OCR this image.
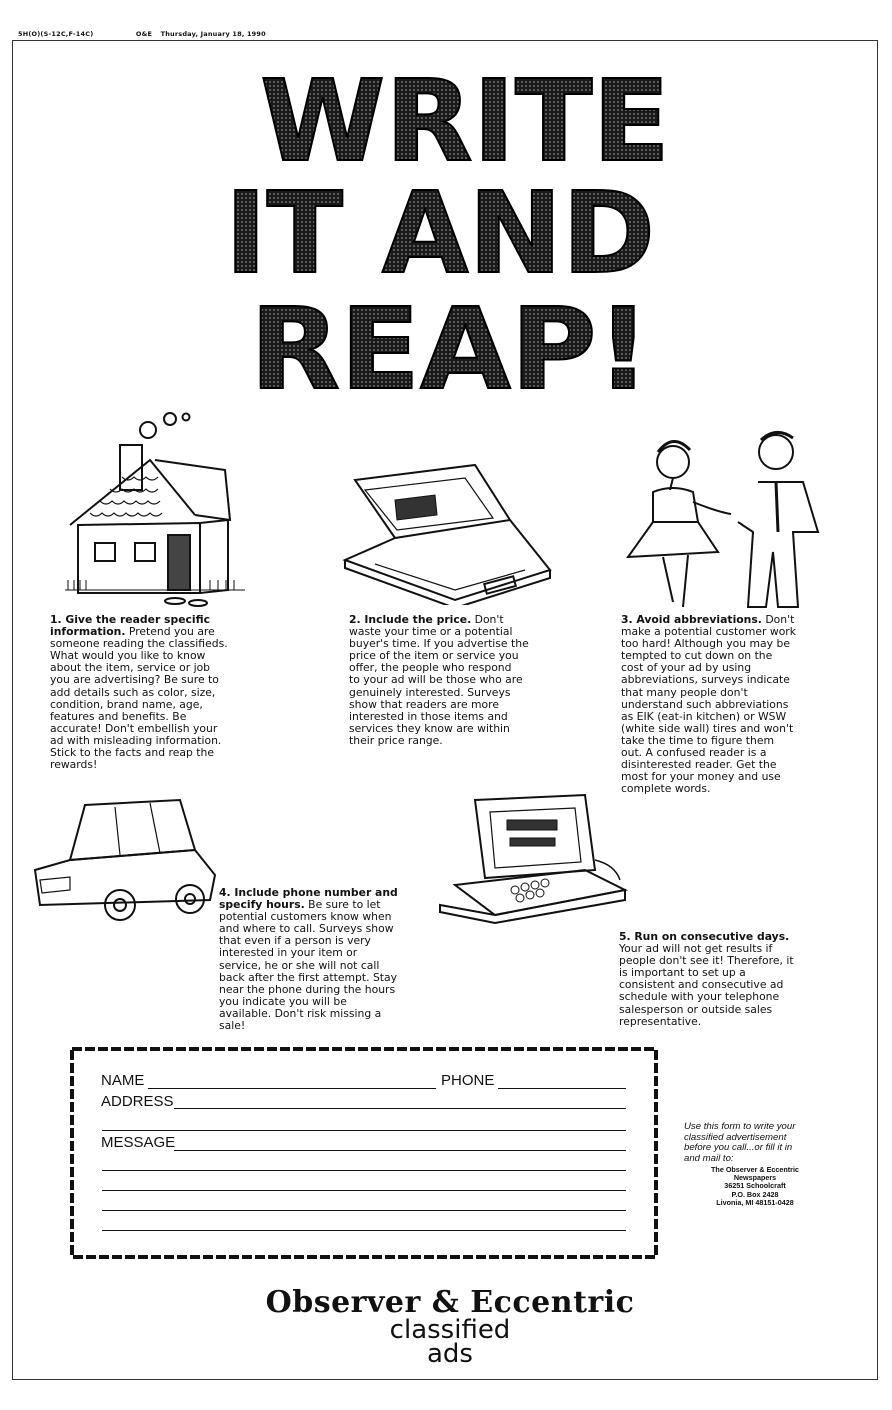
5H(O)(S-12C,F-14C)	O&E Thursday, January 18, 1990
WRITE
IT AND
REAP!
1. Give the reader specific information. Pretend you are
someone reading the classifieds.
What would you like to know
about the item, service or job
you are advertising? Be sure to
add details such as color, size,
condition, brand name, age,
features and benefits. Be
accurate! Don't embellish your
ad with misleading information.
Stick to the facts and reap the
rewards!
2. Include the price. Don't
waste your time or a potential
buyer's time. If you advertise the
price of the item or service you
offer, the people who respond
to your ad will be those who are
genuinely interested. Surveys
show that readers are more
interested in those items and
services they know are within
their price range.
3. Avoid abbreviations. Don't
make a potential customer work
too hard! Although you may be
tempted to cut down on the
cost of your ad by using
abbreviations, surveys indicate
that many people don't
understand such abbreviations
as EIK (eat-in kitchen) or WSW
(white side wall) tires and won't
take the time to figure them
out. A confused reader is a
disinterested reader. Get the
most for your money and use
complete words.
4. Include phone number and specify hours. Be sure to let
potential customers know when
and where to call. Surveys show
that even if a person is very
interested in your item or
service, he or she will not call
back after the first attempt. Stay
near the phone during the hours
you indicate you will be
available. Don't risk missing a
sale!
5. Run on consecutive days.
Your ad will not get results if
people don't see it! Therefore, it
is important to set up a
consistent and consecutive ad
schedule with your telephone
salesperson or outside sales
representative.
NAME	PHONE
ADDRESS
MESSAGE
Use this form to write your
classified advertisement
before you call...or fill it in
and mail to:
The Observer & Eccentric
Newspapers
36251 Schoolcraft
P.O. Box 2428
Livonia, MI 48151-0428
Observer & Eccentric
classified
ads
